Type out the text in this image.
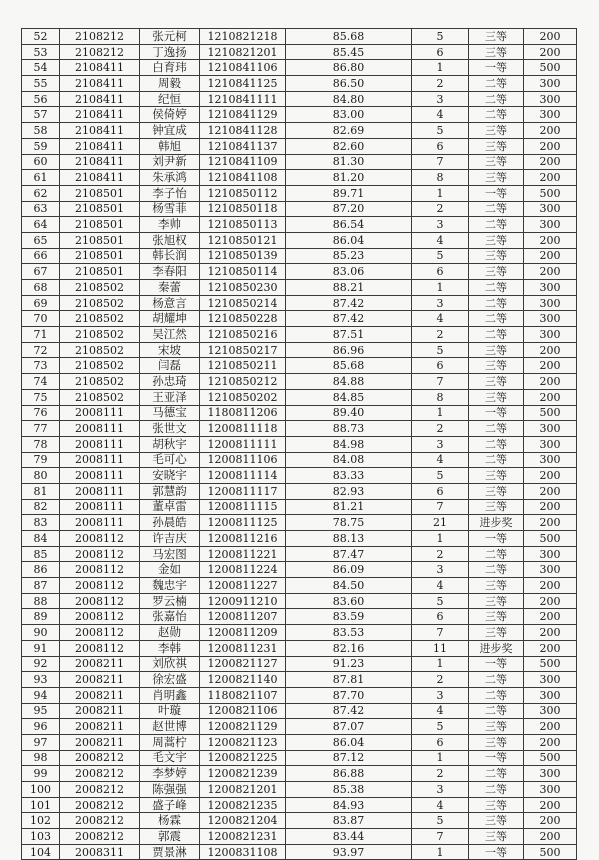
52	2108212	张元柯	1210821218	85.68	5	三等	200
53	2108212	丁逸扬	1210821201	85.45	6	三等	200
54	2108411	白育玮	1210841106	86.80	1	一等	500
55	2108411	周毅	1210841125	86.50	2	二等	300
56	2108411	纪恒	1210841111	84.80	3	二等	300
57	2108411	侯倚婷	1210841129	83.00	4	二等	300
58	2108411	钟宜成	1210841128	82.69	5	三等	200
59	2108411	韩旭	1210841137	82.60	6	三等	200
60	2108411	刘尹新	1210841109	81.30	7	三等	200
61	2108411	朱承鸿	1210841108	81.20	8	三等	200
62	2108501	李子怡	1210850112	89.71	1	一等	500
63	2108501	杨雪菲	1210850118	87.20	2	二等	300
64	2108501	李帅	1210850113	86.54	3	二等	300
65	2108501	张旭权	1210850121	86.04	4	三等	200
66	2108501	韩长润	1210850139	85.23	5	三等	200
67	2108501	李春阳	1210850114	83.06	6	三等	200
68	2108502	秦蕾	1210850230	88.21	1	二等	300
69	2108502	杨意言	1210850214	87.42	3	二等	300
70	2108502	胡耀坤	1210850228	87.42	4	二等	300
71	2108502	吴江然	1210850216	87.51	2	二等	300
72	2108502	宋坡	1210850217	86.96	5	三等	200
73	2108502	闫磊	1210850211	85.68	6	三等	200
74	2108502	孙忠琦	1210850212	84.88	7	三等	200
75	2108502	王亚泽	1210850202	84.85	8	三等	200
76	2008111	马德宝	1180811206	89.40	1	一等	500
77	2008111	张世文	1200811118	88.73	2	二等	300
78	2008111	胡秋宇	1200811111	84.98	3	二等	300
79	2008111	毛可心	1200811106	84.08	4	二等	300
80	2008111	安晓宇	1200811114	83.33	5	三等	200
81	2008111	郭慧韵	1200811117	82.93	6	三等	200
82	2008111	董卓雷	1200811115	81.21	7	三等	200
83	2008111	孙晨皓	1200811125	78.75	21	进步奖	200
84	2008112	许吉庆	1200811216	88.13	1	一等	500
85	2008112	马宏图	1200811221	87.47	2	二等	300
86	2008112	金如	1200811224	86.09	3	二等	300
87	2008112	魏忠宇	1200811227	84.50	4	三等	200
88	2008112	罗云楠	1200911210	83.60	5	三等	200
89	2008112	张嘉怡	1200811207	83.59	6	三等	200
90	2008112	赵勋	1200811209	83.53	7	三等	200
91	2008112	李韩	1200811231	82.16	11	进步奖	200
92	2008211	刘欣祺	1200821127	91.23	1	一等	500
93	2008211	徐宏盛	1200821140	87.81	2	二等	300
94	2008211	肖明鑫	1180821107	87.70	3	二等	300
95	2008211	叶璇	1200821106	87.42	4	二等	300
96	2008211	赵世博	1200821129	87.07	5	三等	200
97	2008211	周蒿柠	1200821123	86.04	6	三等	200
98	2008212	毛文宇	1200821225	87.12	1	一等	500
99	2008212	李梦婷	1200821239	86.88	2	二等	300
100	2008212	陈强强	1200821201	85.38	3	二等	300
101	2008212	盛子峰	1200821235	84.93	4	三等	200
102	2008212	杨霖	1200821204	83.87	5	三等	200
103	2008212	郭震	1200821231	83.44	7	三等	200
104	2008311	贾景淋	1200831108	93.97	1	一等	500
